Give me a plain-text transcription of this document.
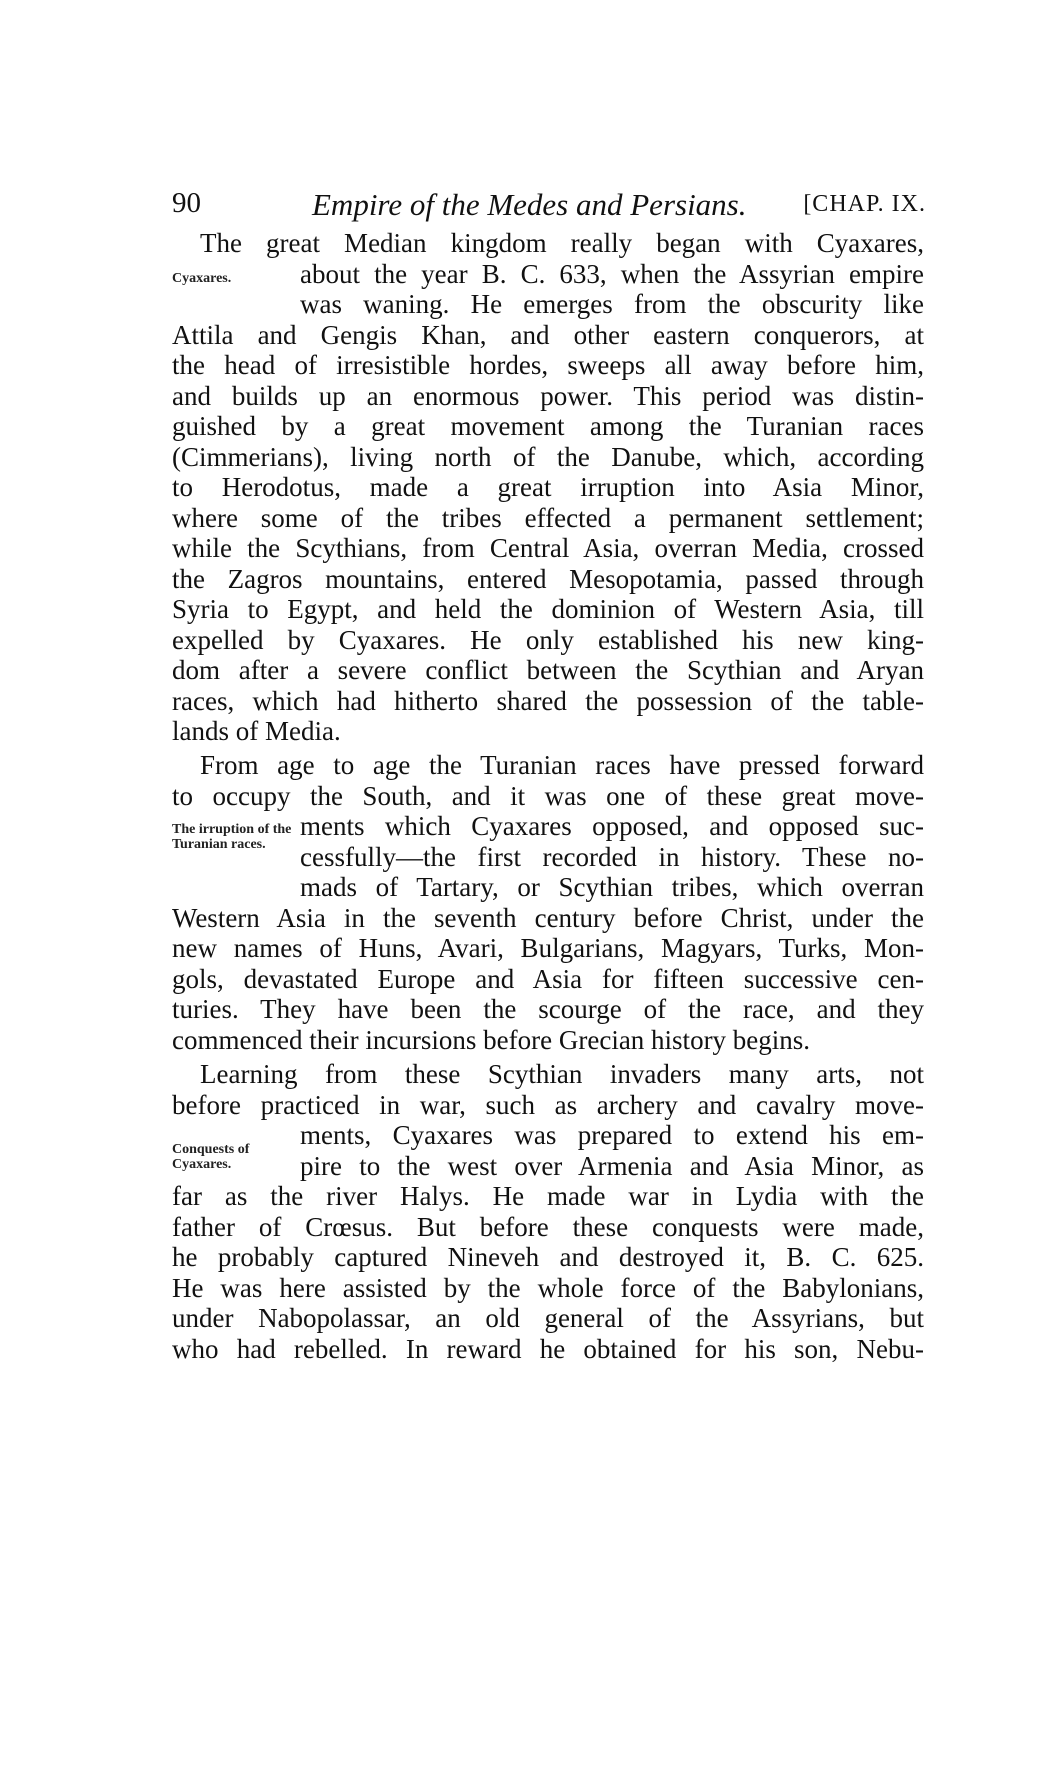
90	Empire of the Medes and Persians. [CHAP. IX.
Cyaxares.
The irruption of the Turanian races.
Conquests of Cyaxares.
The great Median kingdom really began with Cyaxares,
about the year B. C. 633, when the Assyrian empire
was waning. He emerges from the obscurity like
Attila and Gengis Khan, and other eastern conquerors, at
the head of irresistible hordes, sweeps all away before him,
and builds up an enormous power. This period was distin-
guished by a great movement among the Turanian races
(Cimmerians), living north of the Danube, which, according
to Herodotus, made a great irruption into Asia Minor,
where some of the tribes effected a permanent settlement;
while the Scythians, from Central Asia, overran Media, crossed
the Zagros mountains, entered Mesopotamia, passed through
Syria to Egypt, and held the dominion of Western Asia, till
expelled by Cyaxares. He only established his new king-
dom after a severe conflict between the Scythian and Aryan
races, which had hitherto shared the possession of the table-
lands of Media.
From age to age the Turanian races have pressed forward
to occupy the South, and it was one of these great move-
ments which Cyaxares opposed, and opposed suc-
cessfully—the first recorded in history. These no-
mads of Tartary, or Scythian tribes, which overran
Western Asia in the seventh century before Christ, under the
new names of Huns, Avari, Bulgarians, Magyars, Turks, Mon-
gols, devastated Europe and Asia for fifteen successive cen-
turies. They have been the scourge of the race, and they
commenced their incursions before Grecian history begins.
Learning from these Scythian invaders many arts, not
before practiced in war, such as archery and cavalry move-
ments, Cyaxares was prepared to extend his em-
pire to the west over Armenia and Asia Minor, as
far as the river Halys. He made war in Lydia with the
father of Crœsus. But before these conquests were made,
he probably captured Nineveh and destroyed it, B. C. 625.
He was here assisted by the whole force of the Babylonians,
under Nabopolassar, an old general of the Assyrians, but
who had rebelled. In reward he obtained for his son, Nebu-
